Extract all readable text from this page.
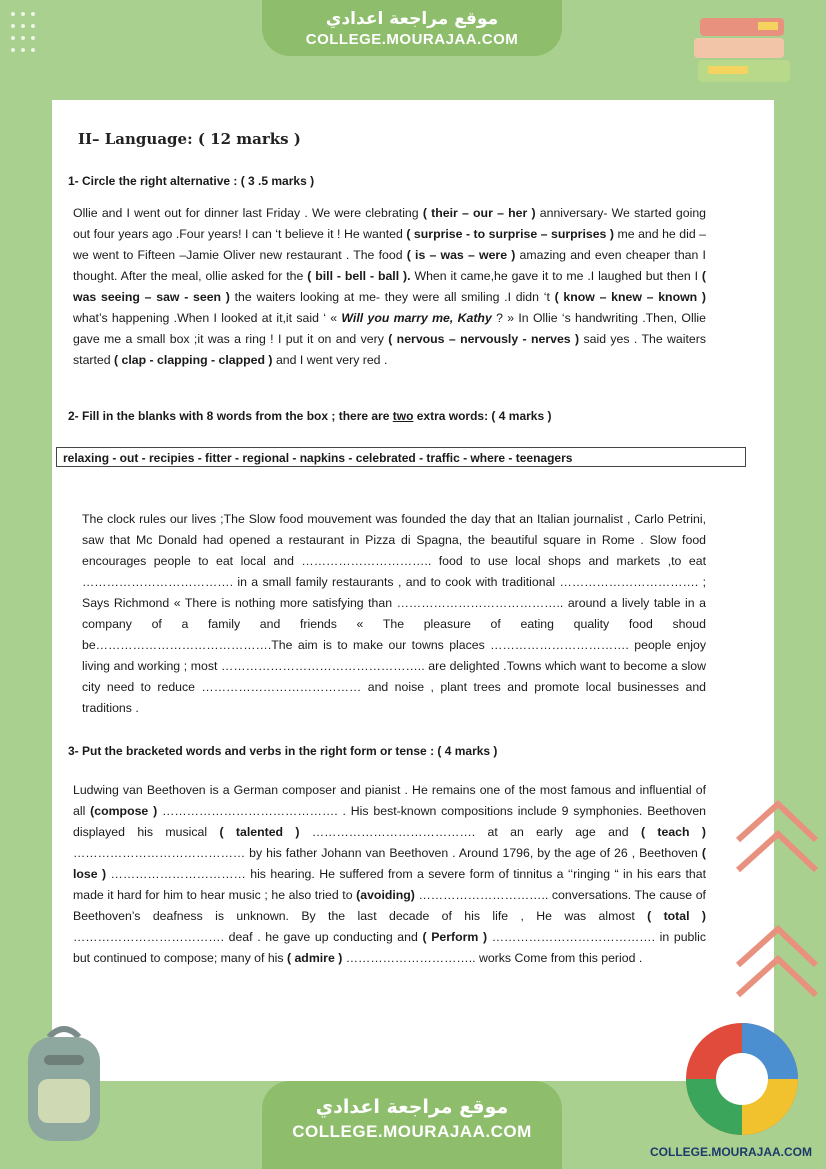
موقع مراجعة اعدادي
COLLEGE.MOURAJAA.COM
II– Language: ( 12 marks )
1- Circle the right alternative : ( 3 .5 marks )
Ollie and I went out for dinner last Friday . We were clebrating ( their – our – her ) anniversary- We started going out four years ago .Four years! I can ‘t believe it ! He wanted ( surprise - to surprise – surprises ) me and he did –we went to Fifteen –Jamie Oliver new restaurant . The food ( is – was – were ) amazing and even cheaper than I thought. After the meal, ollie asked for the ( bill - bell - ball ). When it came,he gave it to me .I laughed but then I ( was seeing – saw - seen ) the waiters looking at me- they were all smiling .I didn ‘t ( know – knew – known ) what’s happening .When I looked at it,it said ‘ « Will you marry me, Kathy ? » In Ollie ‘s handwriting .Then, Ollie gave me a small box ;it was a ring ! I put it on and very ( nervous – nervously - nerves ) said yes . The waiters started ( clap - clapping - clapped ) and I went very red .
2- Fill in the blanks with 8 words from the box ; there are two extra words: ( 4 marks )
relaxing - out - recipies - fitter - regional - napkins - celebrated - traffic - where - teenagers
The clock rules our lives ;The Slow food mouvement was founded the day that an Italian journalist , Carlo Petrini, saw that Mc Donald had opened a restaurant in Pizza di Spagna, the beautiful square in Rome . Slow food encourages people to eat local and ………………………….. food to use local shops and markets ,to eat ………………………………. in a small family restaurants , and to cook with traditional ……………………………. ; Says Richmond « There is nothing more satisfying than ………………………………….. around a lively table in a company of a family and friends « The pleasure of eating quality food shoud be…………………………………….The aim is to make our towns places ……………………………. people enjoy living and working ; most ………………………………………….. are delighted .Towns which want to become a slow city need to reduce ………………………………… and noise , plant trees and promote local businesses and traditions .
3- Put the bracketed words and verbs in the right form or tense : ( 4 marks )
Ludwing van Beethoven is a German composer and pianist . He remains one of the most famous and influential of all (compose ) ……………………………………. . His best-known compositions include 9 symphonies. Beethoven displayed his musical ( talented ) …………………………………. at an early age and ( teach ) …………………………………… by his father Johann van Beethoven . Around 1796, by the age of 26 , Beethoven ( lose ) …………………………… his hearing. He suffered from a severe form of tinnitus a ‘‘ringing “ in his ears that made it hard for him to hear music ; he also tried to (avoiding) ………………………….. conversations. The cause of Beethoven’s deafness is unknown. By the last decade of his life , He was almost ( total ) ………………………………. deaf . he gave up conducting and ( Perform ) …………………………………. in public but continued to compose; many of his ( admire ) ………………………….. works Come from this period .
موقع مراجعة اعدادي
COLLEGE.MOURAJAA.COM
COLLEGE.MOURAJAA.COM
